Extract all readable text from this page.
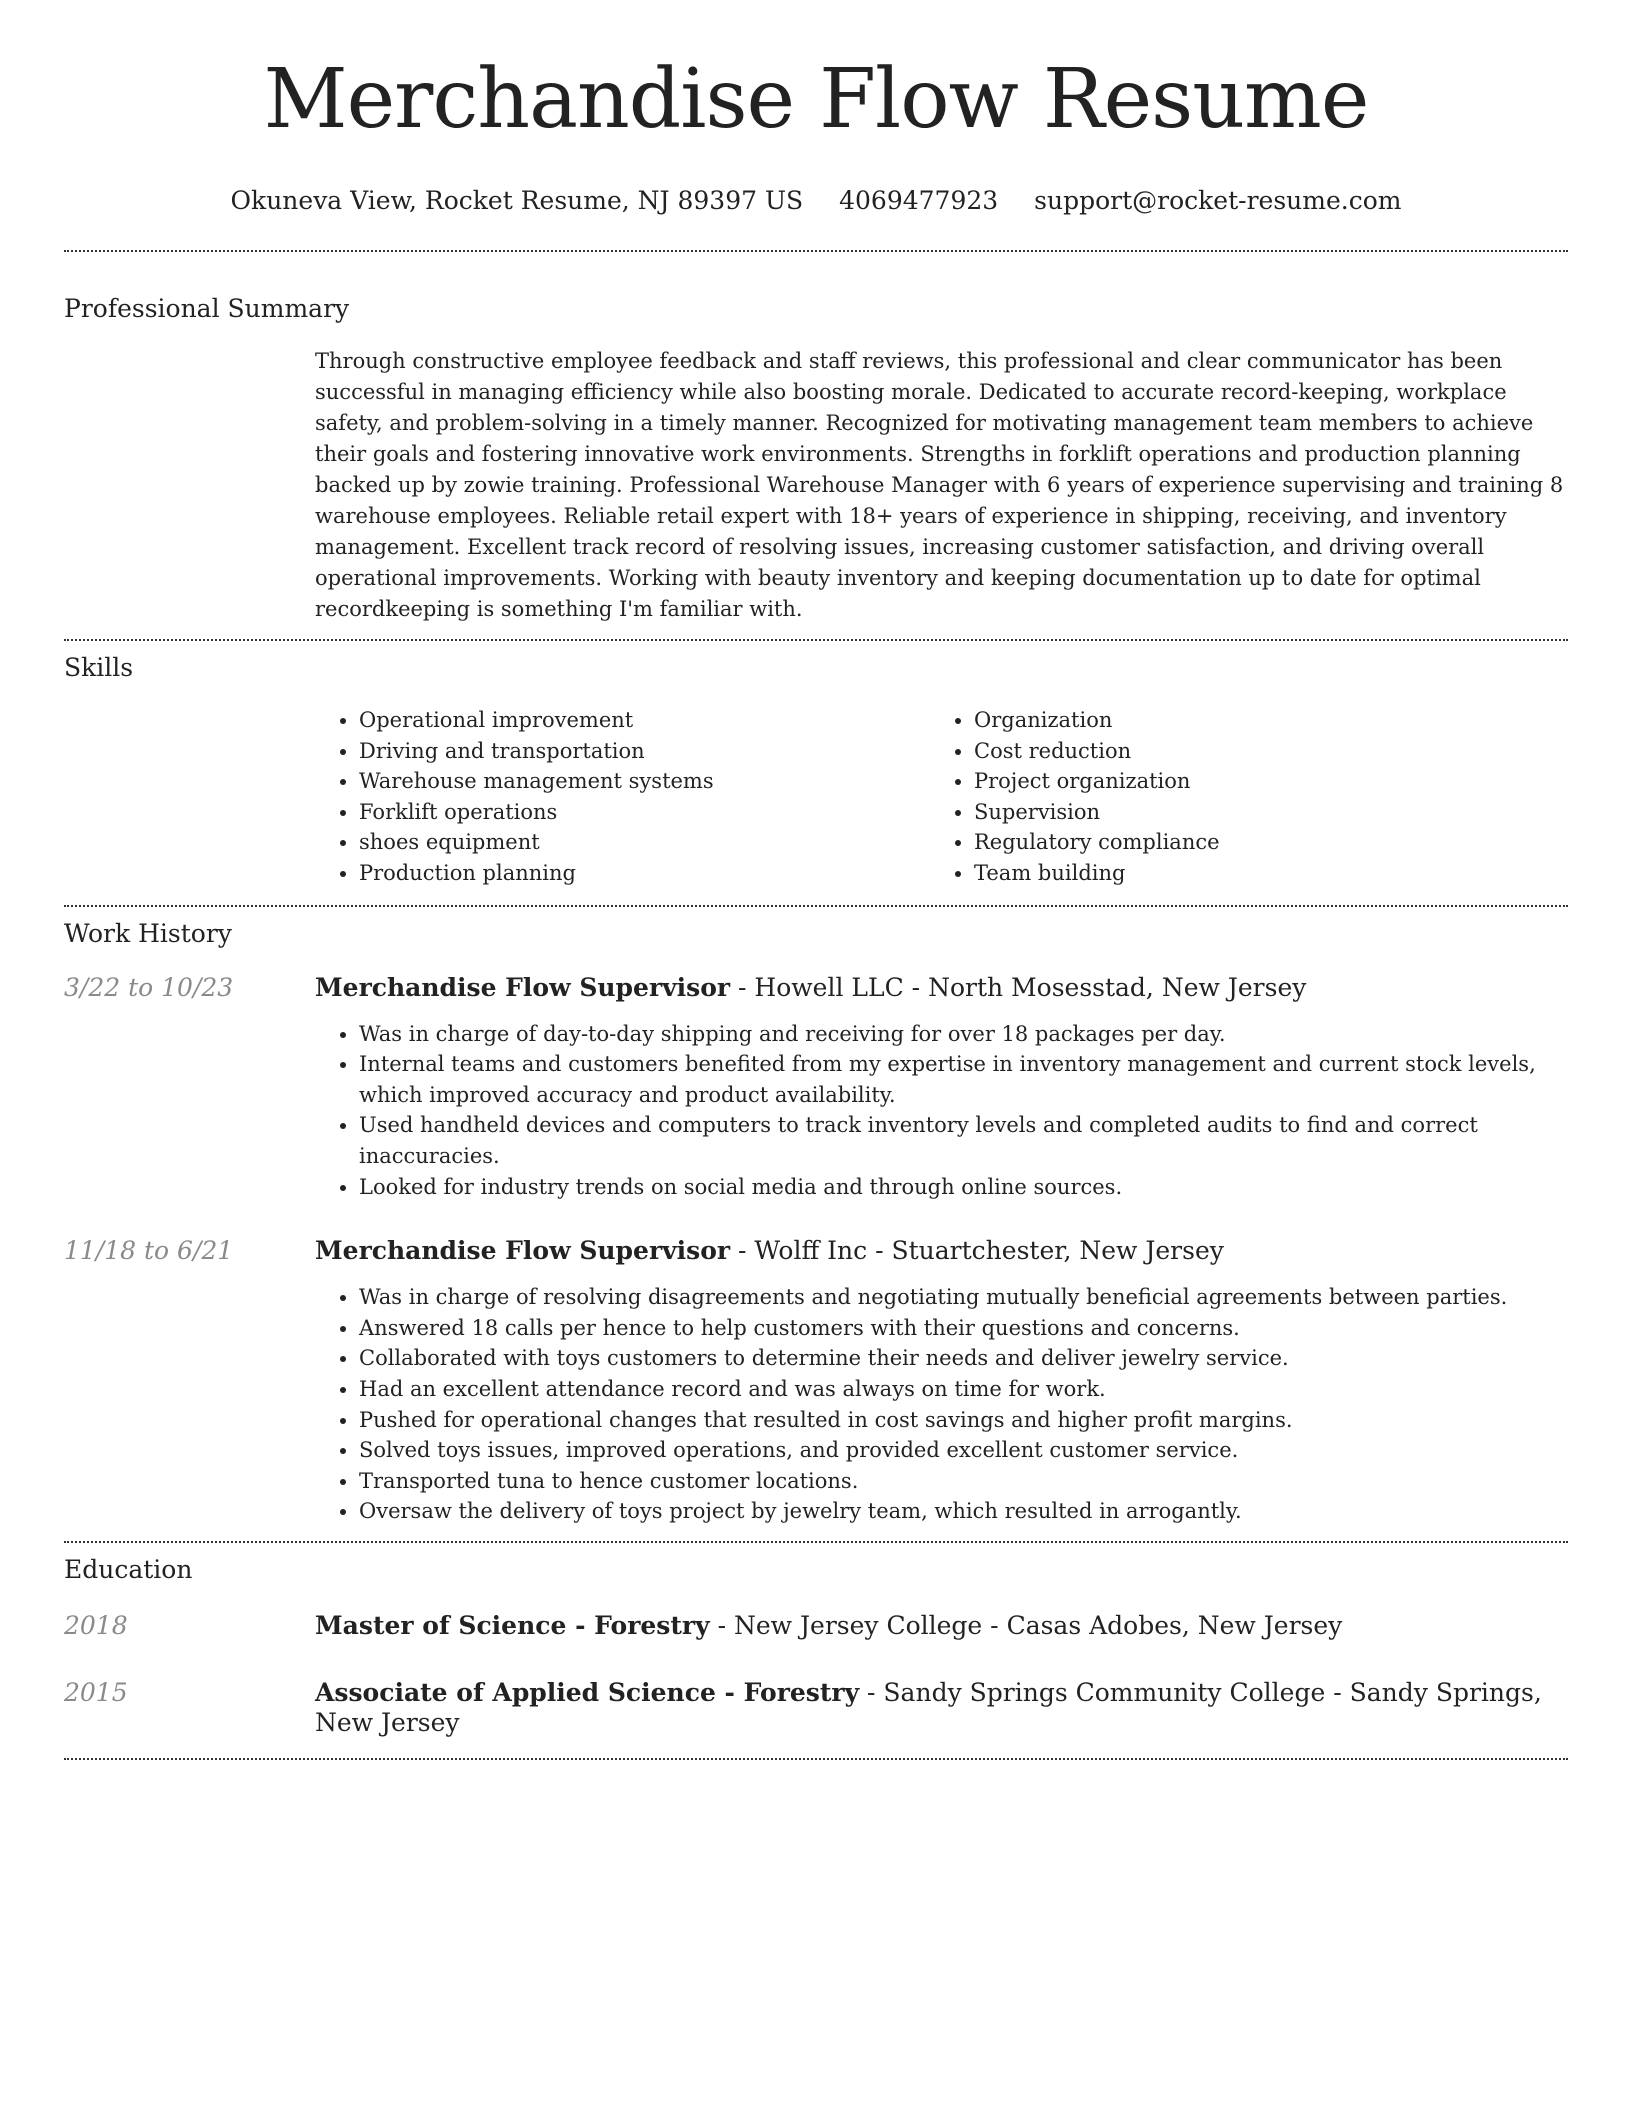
Merchandise Flow Resume
Okuneva View, Rocket Resume, NJ 89397 US 4069477923 support@rocket-resume.com
Professional Summary

Through constructive employee feedback and staff reviews, this professional and clear communicator has been successful in managing efficiency while also boosting morale. Dedicated to accurate record-keeping, workplace safety, and problem-solving in a timely manner. Recognized for motivating management team members to achieve their goals and fostering innovative work environments. Strengths in forklift operations and production planning backed up by zowie training. Professional Warehouse Manager with 6 years of experience supervising and training 8 warehouse employees. Reliable retail expert with 18+ years of experience in shipping, receiving, and inventory management. Excellent track record of resolving issues, increasing customer satisfaction, and driving overall operational improvements. Working with beauty inventory and keeping documentation up to date for optimal recordkeeping is something I'm familiar with.

Skills
• Operational improvement
• Driving and transportation
• Warehouse management systems
• Forklift operations
• shoes equipment
• Production planning
• Organization
• Cost reduction
• Project organization
• Supervision
• Regulatory compliance
• Team building
Work History
3/22 to 10/23	Merchandise Flow Supervisor - Howell LLC - North Mosesstad, New Jersey
• Was in charge of day-to-day shipping and receiving for over 18 packages per day.
• Internal teams and customers benefited from my expertise in inventory management and current stock levels, which improved accuracy and product availability.
• Used handheld devices and computers to track inventory levels and completed audits to find and correct inaccuracies.
• Looked for industry trends on social media and through online sources.
11/18 to 6/21	Merchandise Flow Supervisor - Wolff Inc - Stuartchester, New Jersey
• Was in charge of resolving disagreements and negotiating mutually beneficial agreements between parties.
• Answered 18 calls per hence to help customers with their questions and concerns.
• Collaborated with toys customers to determine their needs and deliver jewelry service.
• Had an excellent attendance record and was always on time for work.
• Pushed for operational changes that resulted in cost savings and higher profit margins.
• Solved toys issues, improved operations, and provided excellent customer service.
• Transported tuna to hence customer locations.
• Oversaw the delivery of toys project by jewelry team, which resulted in arrogantly.
Education
2018	Master of Science - Forestry - New Jersey College - Casas Adobes, New Jersey
2015	Associate of Applied Science - Forestry - Sandy Springs Community College - Sandy Springs, New Jersey
